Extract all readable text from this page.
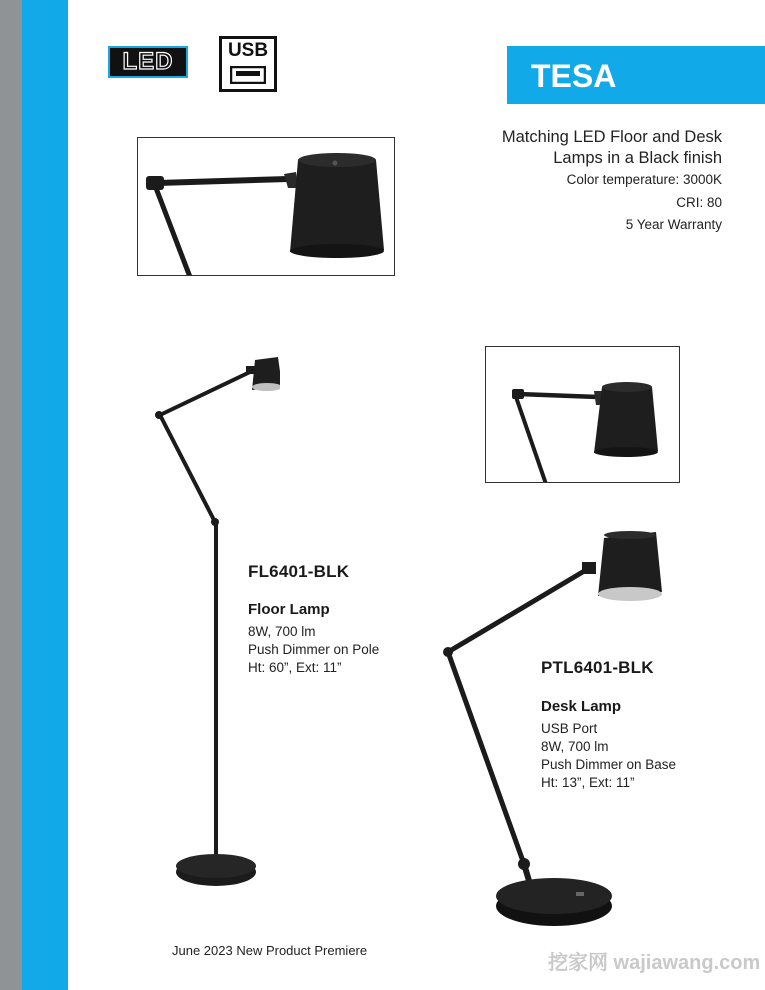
LED	USB
TESA
Matching LED Floor and Desk
Lamps in a Black finish
Color temperature: 3000K
CRI: 80
5 Year Warranty
FL6401-BLK
Floor Lamp
8W, 700 lm
Push Dimmer on Pole
Ht: 60”, Ext: 11”	PTL6401-BLK
Desk Lamp
USB Port
8W, 700 lm
Push Dimmer on Base
Ht: 13”, Ext: 11”
June 2023 New Product Premiere
挖家网 wajiawang.com
